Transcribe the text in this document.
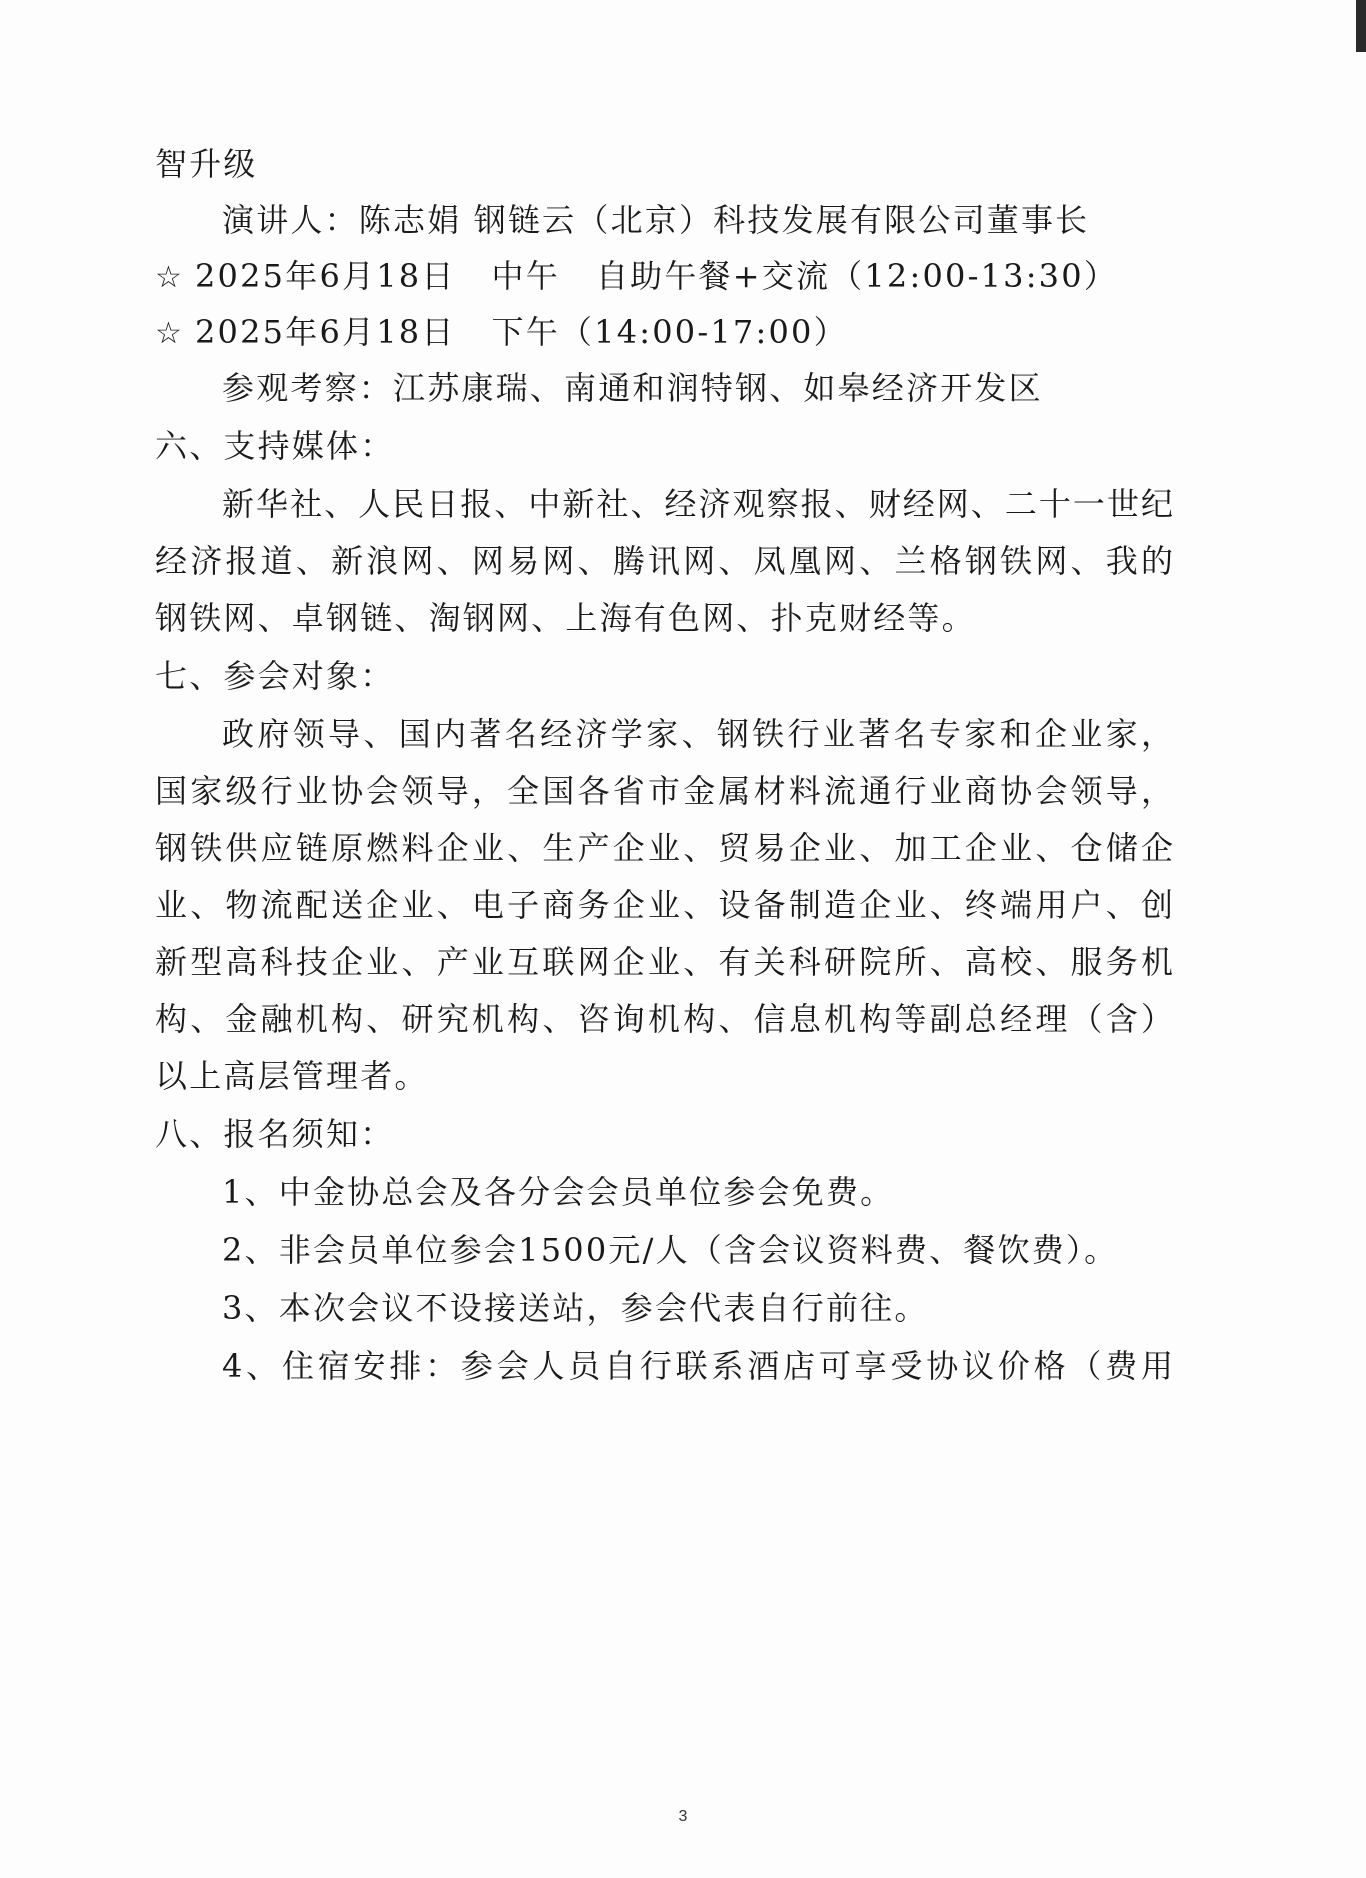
智升级
演讲人：陈志娟 钢链云（北京）科技发展有限公司董事长
☆ 2025年6月18日 中午 自助午餐+交流（12:00-13:30）
☆ 2025年6月18日 下午（14:00-17:00）
参观考察：江苏康瑞、南通和润特钢、如皋经济开发区
六、支持媒体：
新华社、人民日报、中新社、经济观察报、财经网、二十一世纪
经济报道、新浪网、网易网、腾讯网、凤凰网、兰格钢铁网、我的
钢铁网、卓钢链、淘钢网、上海有色网、扑克财经等。
七、参会对象：
政府领导、国内著名经济学家、钢铁行业著名专家和企业家，
国家级行业协会领导，全国各省市金属材料流通行业商协会领导，
钢铁供应链原燃料企业、生产企业、贸易企业、加工企业、仓储企
业、物流配送企业、电子商务企业、设备制造企业、终端用户、创
新型高科技企业、产业互联网企业、有关科研院所、高校、服务机
构、金融机构、研究机构、咨询机构、信息机构等副总经理（含）
以上高层管理者。
八、报名须知：
1、中金协总会及各分会会员单位参会免费。
2、非会员单位参会1500元/人（含会议资料费、餐饮费）。
3、本次会议不设接送站，参会代表自行前往。
4、住宿安排：参会人员自行联系酒店可享受协议价格（费用
3
